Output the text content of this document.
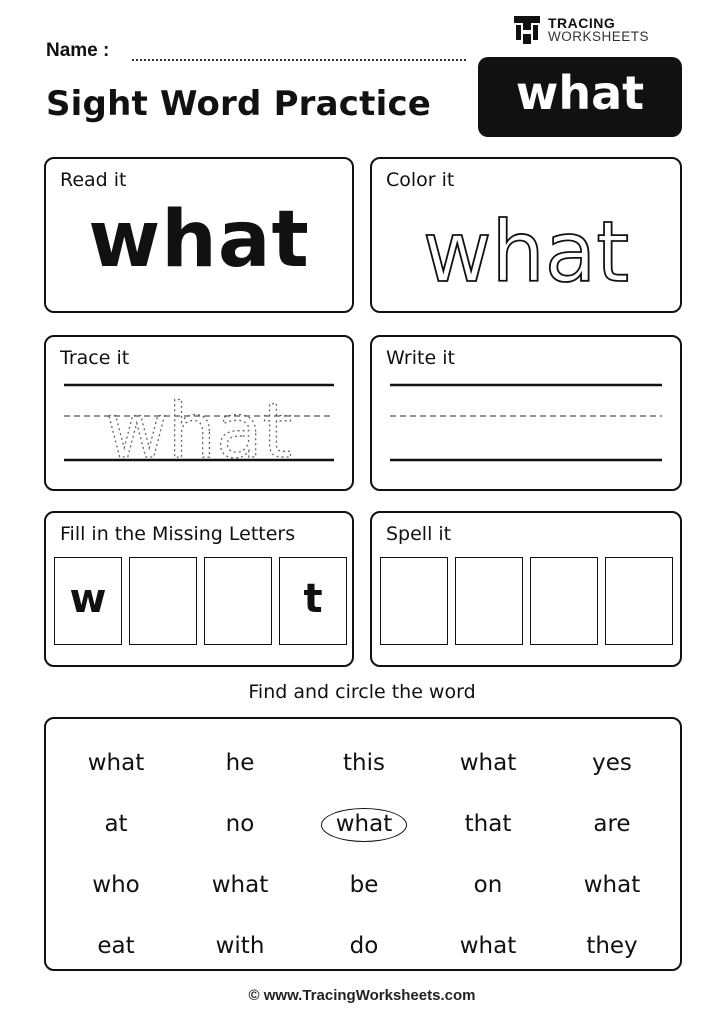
Name :
TRACING
WORKSHEETS
Sight Word Practice	what
Read it
what
Color it
what
Trace it
what
Write it
Fill in the Missing Letters
w	t
Spell it
Find and circle the word
what	he	this	what	yes
at	no	what	that	are
who	what	be	on	what
eat	with	do	what	they
© www.TracingWorksheets.com
